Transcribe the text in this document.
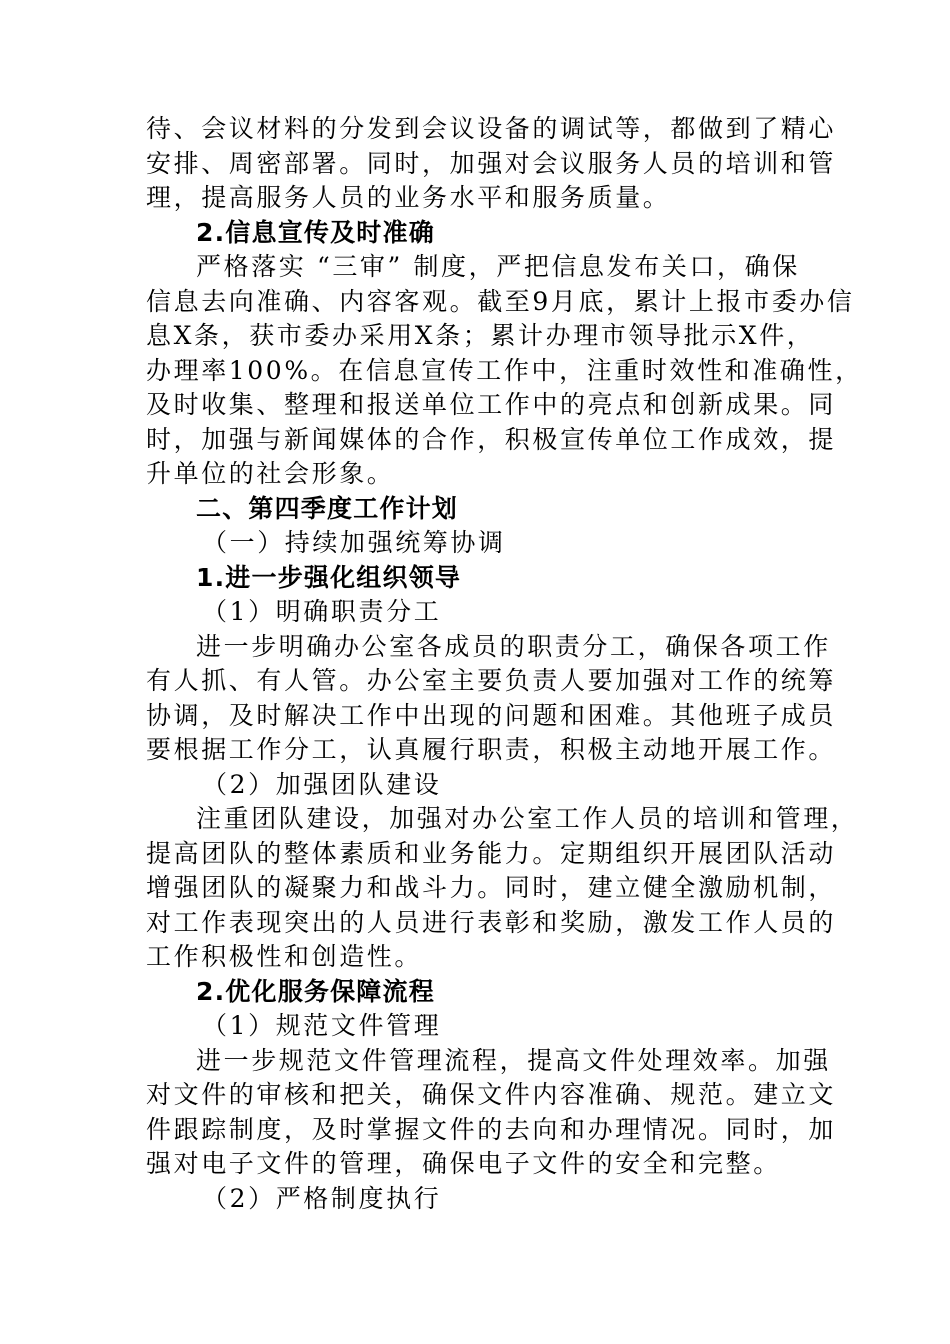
待、会议材料的分发到会议设备的调试等，都做到了精心
安排、周密部署。同时，加强对会议服务人员的培训和管
理，提高服务人员的业务水平和服务质量。
2.信息宣传及时准确
严格落实 “三审” 制度，严把信息发布关口，确保
信息去向准确、内容客观。截至9月底，累计上报市委办信
息X条，获市委办采用X条；累计办理市领导批示X件，
办理率100%。在信息宣传工作中，注重时效性和准确性，
及时收集、整理和报送单位工作中的亮点和创新成果。同
时，加强与新闻媒体的合作，积极宣传单位工作成效，提
升单位的社会形象。
二、第四季度工作计划
（一）持续加强统筹协调
1.进一步强化组织领导
（1）明确职责分工
进一步明确办公室各成员的职责分工，确保各项工作
有人抓、有人管。办公室主要负责人要加强对工作的统筹
协调，及时解决工作中出现的问题和困难。其他班子成员
要根据工作分工，认真履行职责，积极主动地开展工作。
（2）加强团队建设
注重团队建设，加强对办公室工作人员的培训和管理，
提高团队的整体素质和业务能力。定期组织开展团队活动
增强团队的凝聚力和战斗力。同时，建立健全激励机制，
对工作表现突出的人员进行表彰和奖励，激发工作人员的
工作积极性和创造性。
2.优化服务保障流程
（1）规范文件管理
进一步规范文件管理流程，提高文件处理效率。加强
对文件的审核和把关，确保文件内容准确、规范。建立文
件跟踪制度，及时掌握文件的去向和办理情况。同时，加
强对电子文件的管理，确保电子文件的安全和完整。
（2）严格制度执行
